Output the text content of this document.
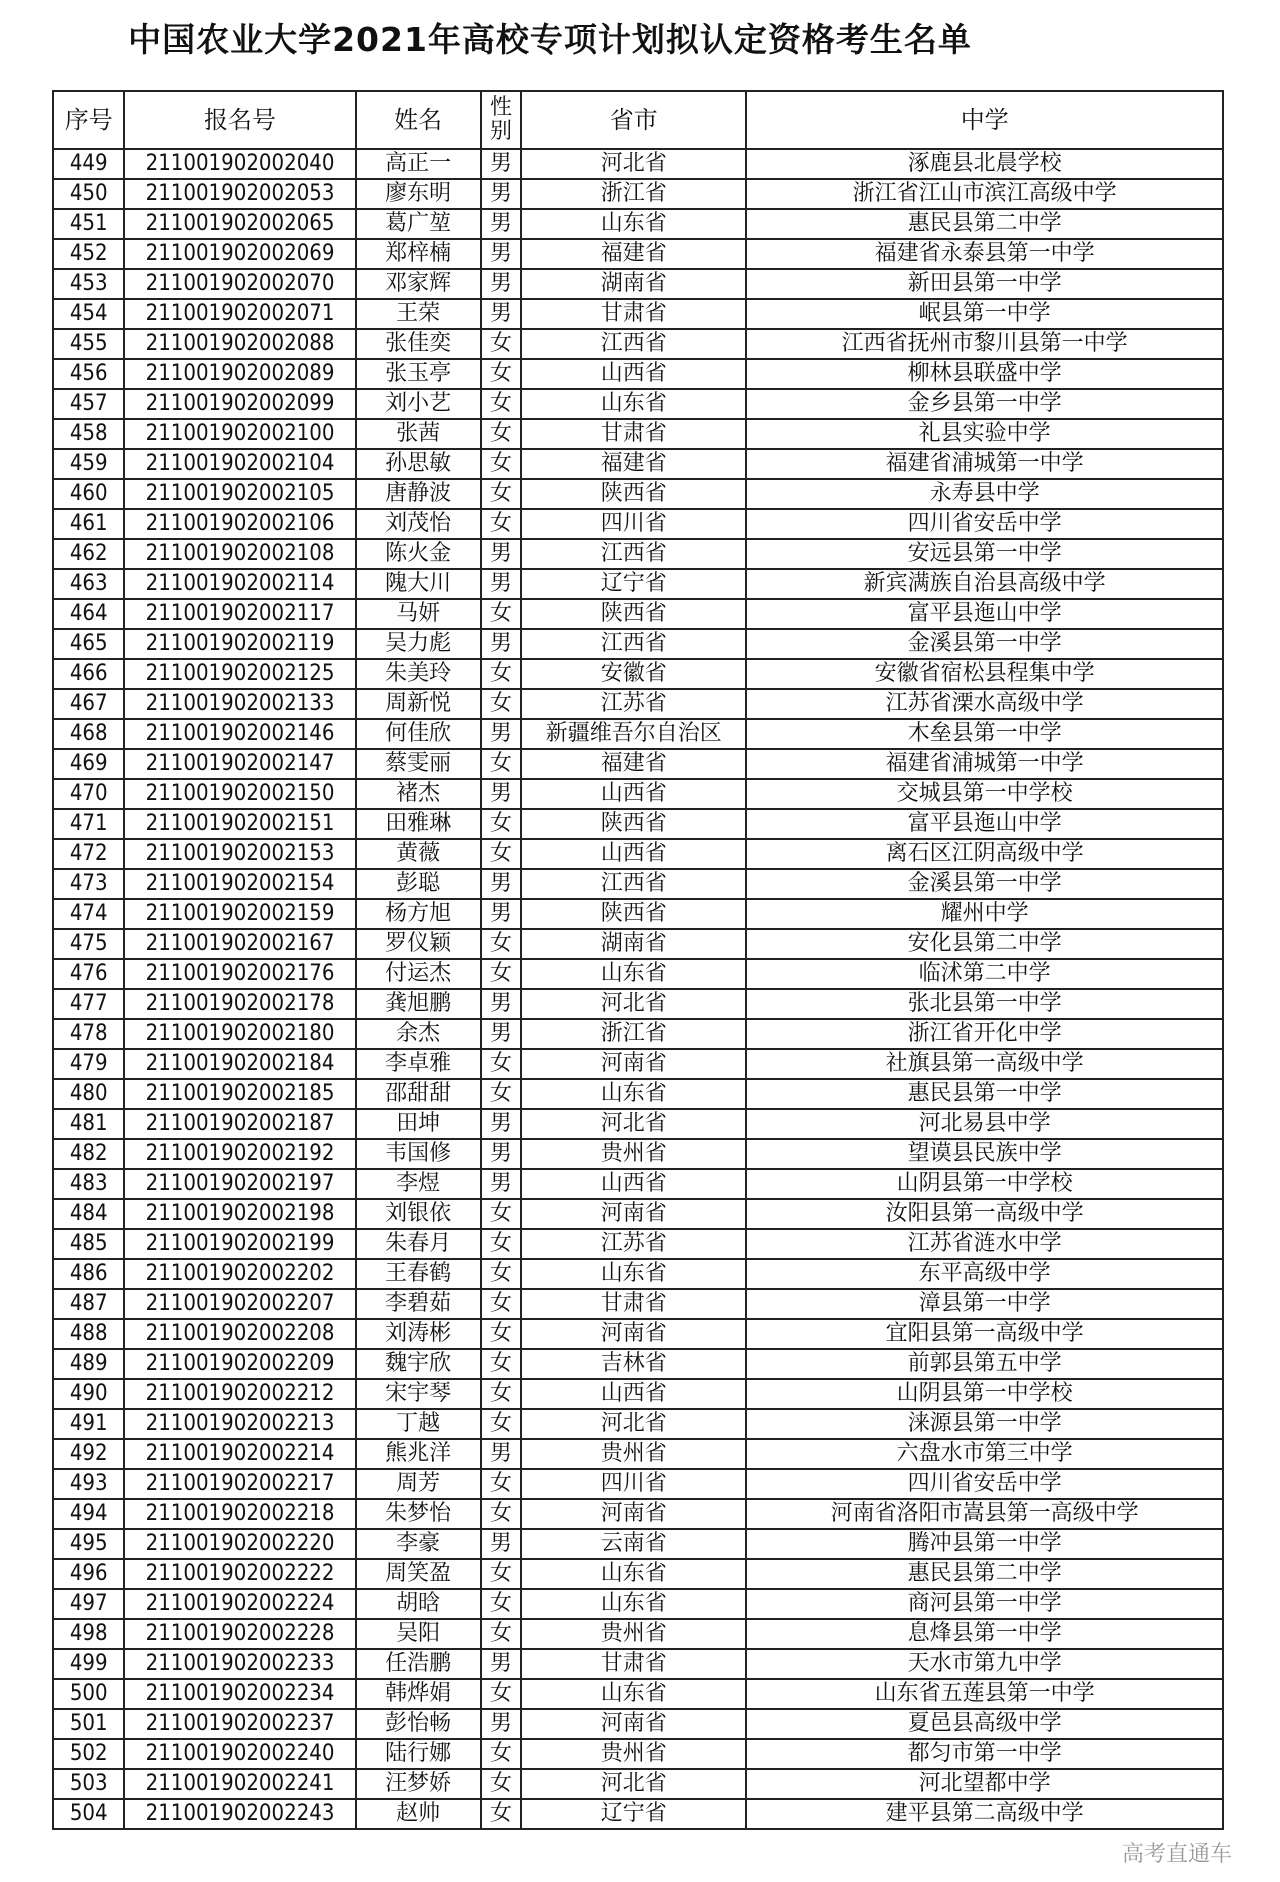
中国农业大学2021年高校专项计划拟认定资格考生名单
序号	报名号	姓名	性别	省市	中学
449	211001902002040	高正一	男	河北省	涿鹿县北晨学校
450	211001902002053	廖东明	男	浙江省	浙江省江山市滨江高级中学
451	211001902002065	葛广堃	男	山东省	惠民县第二中学
452	211001902002069	郑梓楠	男	福建省	福建省永泰县第一中学
453	211001902002070	邓家辉	男	湖南省	新田县第一中学
454	211001902002071	王荣	男	甘肃省	岷县第一中学
455	211001902002088	张佳奕	女	江西省	江西省抚州市黎川县第一中学
456	211001902002089	张玉亭	女	山西省	柳林县联盛中学
457	211001902002099	刘小艺	女	山东省	金乡县第一中学
458	211001902002100	张茜	女	甘肃省	礼县实验中学
459	211001902002104	孙思敏	女	福建省	福建省浦城第一中学
460	211001902002105	唐静波	女	陕西省	永寿县中学
461	211001902002106	刘茂怡	女	四川省	四川省安岳中学
462	211001902002108	陈火金	男	江西省	安远县第一中学
463	211001902002114	隗大川	男	辽宁省	新宾满族自治县高级中学
464	211001902002117	马妍	女	陕西省	富平县迤山中学
465	211001902002119	吴力彪	男	江西省	金溪县第一中学
466	211001902002125	朱美玲	女	安徽省	安徽省宿松县程集中学
467	211001902002133	周新悦	女	江苏省	江苏省溧水高级中学
468	211001902002146	何佳欣	男	新疆维吾尔自治区	木垒县第一中学
469	211001902002147	蔡雯丽	女	福建省	福建省浦城第一中学
470	211001902002150	褚杰	男	山西省	交城县第一中学校
471	211001902002151	田雅琳	女	陕西省	富平县迤山中学
472	211001902002153	黄薇	女	山西省	离石区江阴高级中学
473	211001902002154	彭聪	男	江西省	金溪县第一中学
474	211001902002159	杨方旭	男	陕西省	耀州中学
475	211001902002167	罗仪颖	女	湖南省	安化县第二中学
476	211001902002176	付运杰	女	山东省	临沭第二中学
477	211001902002178	龚旭鹏	男	河北省	张北县第一中学
478	211001902002180	余杰	男	浙江省	浙江省开化中学
479	211001902002184	李卓雅	女	河南省	社旗县第一高级中学
480	211001902002185	邵甜甜	女	山东省	惠民县第一中学
481	211001902002187	田坤	男	河北省	河北易县中学
482	211001902002192	韦国修	男	贵州省	望谟县民族中学
483	211001902002197	李煜	男	山西省	山阴县第一中学校
484	211001902002198	刘银依	女	河南省	汝阳县第一高级中学
485	211001902002199	朱春月	女	江苏省	江苏省涟水中学
486	211001902002202	王春鹤	女	山东省	东平高级中学
487	211001902002207	李碧茹	女	甘肃省	漳县第一中学
488	211001902002208	刘涛彬	女	河南省	宜阳县第一高级中学
489	211001902002209	魏宇欣	女	吉林省	前郭县第五中学
490	211001902002212	宋宇琴	女	山西省	山阴县第一中学校
491	211001902002213	丁越	女	河北省	涞源县第一中学
492	211001902002214	熊兆洋	男	贵州省	六盘水市第三中学
493	211001902002217	周芳	女	四川省	四川省安岳中学
494	211001902002218	朱梦怡	女	河南省	河南省洛阳市嵩县第一高级中学
495	211001902002220	李豪	男	云南省	腾冲县第一中学
496	211001902002222	周笑盈	女	山东省	惠民县第二中学
497	211001902002224	胡晗	女	山东省	商河县第一中学
498	211001902002228	吴阳	女	贵州省	息烽县第一中学
499	211001902002233	任浩鹏	男	甘肃省	天水市第九中学
500	211001902002234	韩烨娟	女	山东省	山东省五莲县第一中学
501	211001902002237	彭怡畅	男	河南省	夏邑县高级中学
502	211001902002240	陆行娜	女	贵州省	都匀市第一中学
503	211001902002241	汪梦娇	女	河北省	河北望都中学
504	211001902002243	赵帅	女	辽宁省	建平县第二高级中学
高考直通车
